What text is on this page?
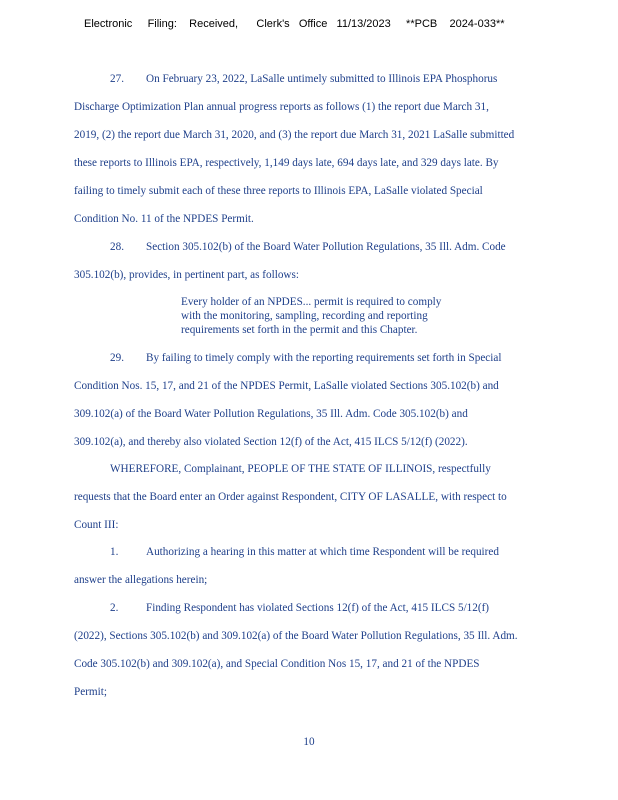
Electronic     Filing:    Received,      Clerk's   Office   11/13/2023     **PCB    2024-033**
27. On February 23, 2022, LaSalle untimely submitted to Illinois EPA Phosphorus
Discharge Optimization Plan annual progress reports as follows (1) the report due March 31,
2019, (2) the report due March 31, 2020, and (3) the report due March 31, 2021 LaSalle submitted
these reports to Illinois EPA, respectively, 1,149 days late, 694 days late, and 329 days late. By
failing to timely submit each of these three reports to Illinois EPA, LaSalle violated Special
Condition No. 11 of the NPDES Permit.
28. Section 305.102(b) of the Board Water Pollution Regulations, 35 Ill. Adm. Code
305.102(b), provides, in pertinent part, as follows:
Every holder of an NPDES... permit is required to comply
with the monitoring, sampling, recording and reporting
requirements set forth in the permit and this Chapter.
29. By failing to timely comply with the reporting requirements set forth in Special
Condition Nos. 15, 17, and 21 of the NPDES Permit, LaSalle violated Sections 305.102(b) and
309.102(a) of the Board Water Pollution Regulations, 35 Ill. Adm. Code 305.102(b) and
309.102(a), and thereby also violated Section 12(f) of the Act, 415 ILCS 5/12(f) (2022).
WHEREFORE, Complainant, PEOPLE OF THE STATE OF ILLINOIS, respectfully
requests that the Board enter an Order against Respondent, CITY OF LASALLE, with respect to
Count III:
1. Authorizing a hearing in this matter at which time Respondent will be required
answer the allegations herein;
2. Finding Respondent has violated Sections 12(f) of the Act, 415 ILCS 5/12(f)
(2022), Sections 305.102(b) and 309.102(a) of the Board Water Pollution Regulations, 35 Ill. Adm.
Code 305.102(b) and 309.102(a), and Special Condition Nos 15, 17, and 21 of the NPDES
Permit;
10
